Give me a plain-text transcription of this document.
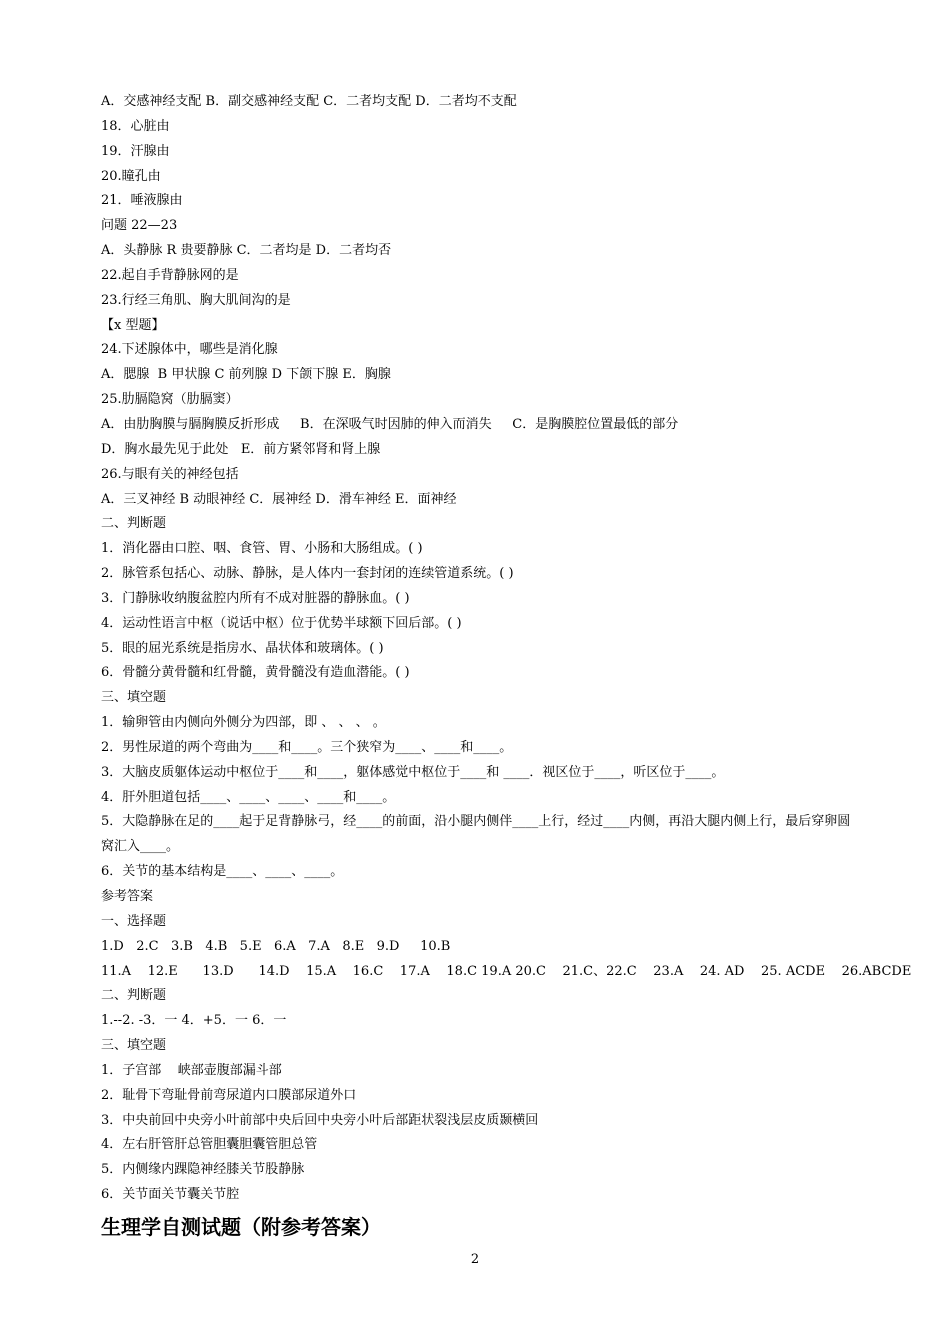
A．交感神经支配 B．副交感神经支配 C．二者均支配 D．二者均不支配
18．心脏由
19．汗腺由
20.瞳孔由
21．唾液腺由
问题 22—23
A．头静脉 R 贵要静脉 C．二者均是 D．二者均否
22.起自手背静脉网的是
23.行经三角肌、胸大肌间沟的是
【x 型题】
24.下述腺体中，哪些是消化腺
A．腮腺  B 甲状腺 C 前列腺 D 下颌下腺 E．胸腺
25.肋膈隐窝（肋膈窦）
A．由肋胸膜与膈胸膜反折形成     B．在深吸气时因肺的伸入而消失     C．是胸膜腔位置最低的部分
D．胸水最先见于此处   E．前方紧邻肾和肾上腺
26.与眼有关的神经包括
A．三叉神经 B 动眼神经 C．展神经 D．滑车神经 E．面神经
二、判断题
1．消化器由口腔、咽、食管、胃、小肠和大肠组成。( )
2．脉管系包括心、动脉、静脉，是人体内一套封闭的连续管道系统。( )
3．门静脉收纳腹盆腔内所有不成对脏器的静脉血。( )
4．运动性语言中枢（说话中枢）位于优势半球额下回后部。( )
5．眼的屈光系统是指房水、晶状体和玻璃体。( )
6．骨髓分黄骨髓和红骨髓，黄骨髓没有造血潜能。( )
三、填空题
1．输卵管由内侧向外侧分为四部，即 、 、 、 。
2．男性尿道的两个弯曲为____和____。三个狭窄为____、____和____。
3．大脑皮质躯体运动中枢位于____和____，躯体感觉中枢位于____和 ____．视区位于____，听区位于____。
4．肝外胆道包括____、____、____、____和____。
5．大隐静脉在足的____起于足背静脉弓，经____的前面，沿小腿内侧伴____上行，经过____内侧，再沿大腿内侧上行，最后穿卵圆窝汇入____。
6．关节的基本结构是____、____、____。
参考答案
一、选择题
1.D   2.C   3.B   4.B   5.E   6.A   7.A   8.E   9.D     10.B
11.A    12.E      13.D      14.D    15.A    16.C    17.A    18.C 19.A 20.C    21.C、22.C    23.A    24. AD    25. ACDE    26.ABCDE
二、判断题
1.--2. -3．一 4．+5．一 6．一
三、填空题
1．子宫部    峡部壶腹部漏斗部
2．耻骨下弯耻骨前弯尿道内口膜部尿道外口
3．中央前回中央旁小叶前部中央后回中央旁小叶后部距状裂浅层皮质颞横回
4．左右肝管肝总管胆囊胆囊管胆总管
5．内侧缘内踝隐神经膝关节股静脉
6．关节面关节囊关节腔
生理学自测试题（附参考答案）
2
